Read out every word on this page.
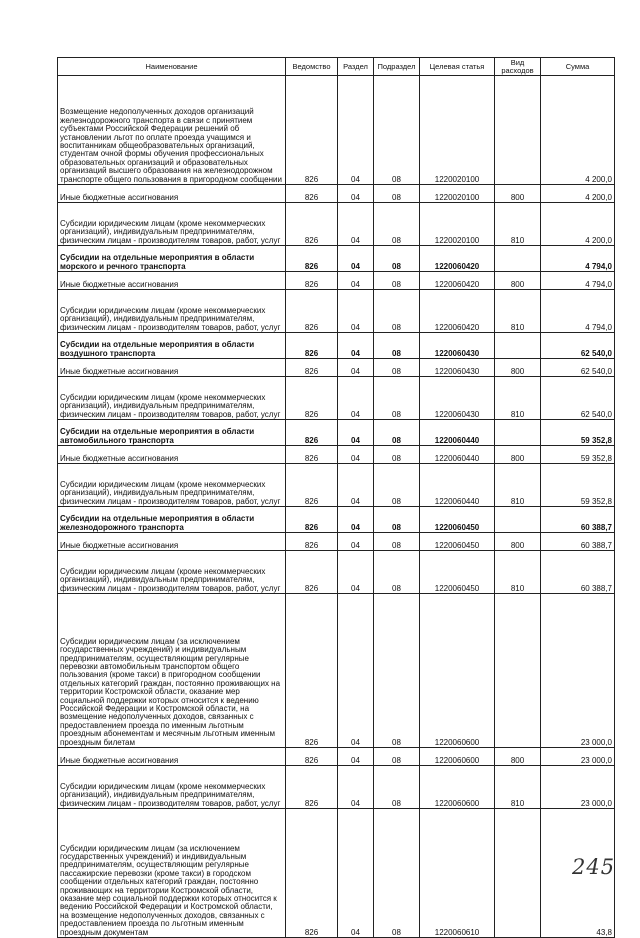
Наименование	Ведомство	Раздел	Подраздел	Целевая статья	Вид расходов	Сумма
Возмещение недополученных доходов организаций железнодорожного транспорта в связи с принятием субъектами Российской Федерации решений об установлении льгот по оплате проезда учащимся и воспитанникам общеобразовательных организаций, студентам очной формы обучения профессиональных образовательных организаций и образовательных организаций высшего образования на железнодорожном транспорте общего пользования в пригородном сообщении	826	04	08	1220020100		4 200,0
Иные бюджетные ассигнования	826	04	08	1220020100	800	4 200,0
Субсидии юридическим лицам (кроме некоммерческих организаций), индивидуальным предпринимателям, физическим лицам - производителям товаров, работ, услуг	826	04	08	1220020100	810	4 200,0
Субсидии на отдельные мероприятия в области морского и речного транспорта	826	04	08	1220060420		4 794,0
Иные бюджетные ассигнования	826	04	08	1220060420	800	4 794,0
Субсидии юридическим лицам (кроме некоммерческих организаций), индивидуальным предпринимателям, физическим лицам - производителям товаров, работ, услуг	826	04	08	1220060420	810	4 794,0
Субсидии на отдельные мероприятия в области воздушного транспорта	826	04	08	1220060430		62 540,0
Иные бюджетные ассигнования	826	04	08	1220060430	800	62 540,0
Субсидии юридическим лицам (кроме некоммерческих организаций), индивидуальным предпринимателям, физическим лицам - производителям товаров, работ, услуг	826	04	08	1220060430	810	62 540,0
Субсидии на отдельные мероприятия в области автомобильного транспорта	826	04	08	1220060440		59 352,8
Иные бюджетные ассигнования	826	04	08	1220060440	800	59 352,8
Субсидии юридическим лицам (кроме некоммерческих организаций), индивидуальным предпринимателям, физическим лицам - производителям товаров, работ, услуг	826	04	08	1220060440	810	59 352,8
Субсидии на отдельные мероприятия в области железнодорожного транспорта	826	04	08	1220060450		60 388,7
Иные бюджетные ассигнования	826	04	08	1220060450	800	60 388,7
Субсидии юридическим лицам (кроме некоммерческих организаций), индивидуальным предпринимателям, физическим лицам - производителям товаров, работ, услуг	826	04	08	1220060450	810	60 388,7
Субсидии юридическим лицам (за исключением государственных учреждений) и индивидуальным предпринимателям, осуществляющим регулярные перевозки автомобильным транспортом общего пользования (кроме такси) в пригородном сообщении отдельных категорий граждан, постоянно проживающих на территории Костромской области, оказание мер социальной поддержки которых относится к ведению Российской Федерации и Костромской области, на возмещение недополученных доходов, связанных с предоставлением проезда по именным льготным проездным абонементам и месячным льготным именным проездным билетам	826	04	08	1220060600		23 000,0
Иные бюджетные ассигнования	826	04	08	1220060600	800	23 000,0
Субсидии юридическим лицам (кроме некоммерческих организаций), индивидуальным предпринимателям, физическим лицам - производителям товаров, работ, услуг	826	04	08	1220060600	810	23 000,0
Субсидии юридическим лицам (за исключением государственных учреждений) и индивидуальным предпринимателям, осуществляющим регулярные пассажирские перевозки (кроме такси) в городском сообщении отдельных категорий граждан, постоянно проживающих на территории Костромской области, оказание мер социальной поддержки которых относится к ведению Российской Федерации и Костромской области, на возмещение недополученных доходов, связанных с предоставлением проезда по льготным именным проездным документам	826	04	08	1220060610		43,8
245
